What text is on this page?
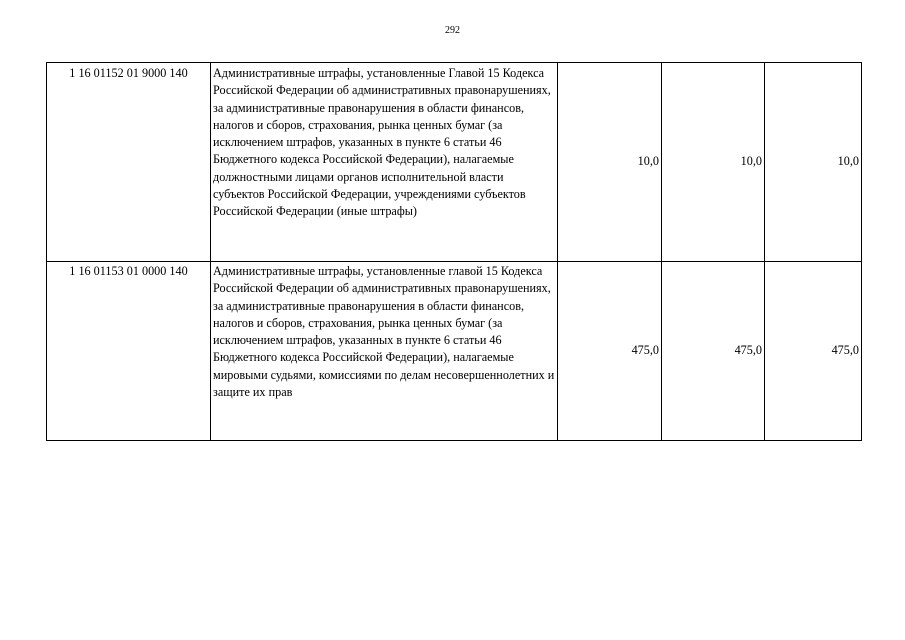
292
1 16 01152 01 9000 140	Административные штрафы, установленные Главой 15 Кодекса Российской Федерации об административных правонарушениях, за административные правонарушения в области финансов, налогов и сборов, страхования, рынка ценных бумаг (за исключением штрафов, указанных в пункте 6 статьи 46 Бюджетного кодекса Российской Федерации), налагаемые должностными лицами органов исполнительной власти субъектов Российской Федерации, учреждениями субъектов Российской Федерации (иные штрафы)	10,0	10,0	10,0
1 16 01153 01 0000 140	Административные штрафы, установленные главой 15 Кодекса Российской Федерации об административных правонарушениях, за административные правонарушения в области финансов, налогов и сборов, страхования, рынка ценных бумаг (за исключением штрафов, указанных в пункте 6 статьи 46 Бюджетного кодекса Российской Федерации), налагаемые мировыми судьями, комиссиями по делам несовершеннолетних и защите их прав	475,0	475,0	475,0
